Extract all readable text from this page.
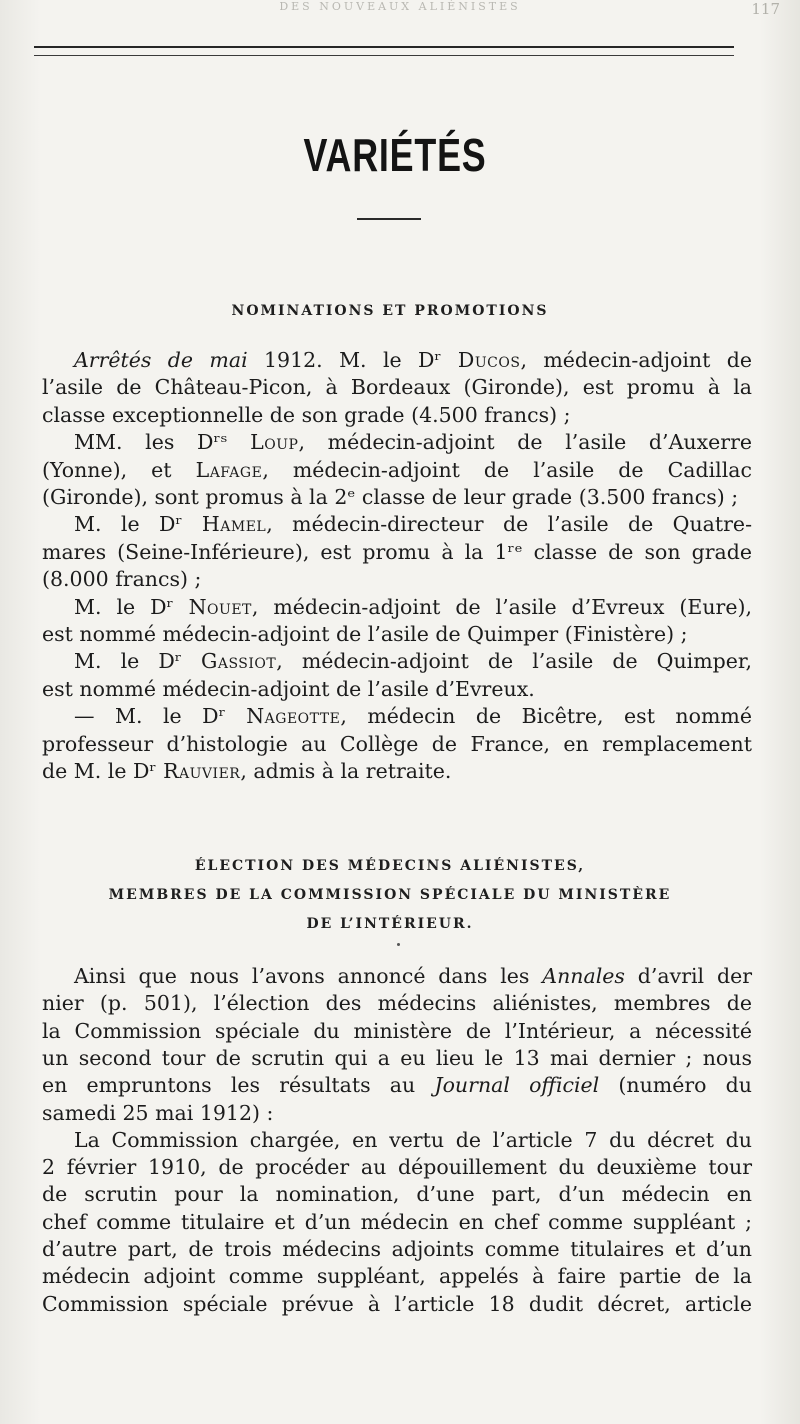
DES NOUVEAUX ALIÉNISTES	117
VARIÉTÉS
NOMINATIONS ET PROMOTIONS
Arrêtés de mai 1912. M. le Dʳ Ducos, médecin-adjoint de
l’asile de Château-Picon, à Bordeaux (Gironde), est promu à la
classe exceptionnelle de son grade (4.500 francs) ;
MM. les Dʳˢ Loup, médecin-adjoint de l’asile d’Auxerre
(Yonne), et Lafage, médecin-adjoint de l’asile de Cadillac
(Gironde), sont promus à la 2ᵉ classe de leur grade (3.500 francs) ;
M. le Dʳ Hamel, médecin-directeur de l’asile de Quatre-
mares (Seine-Inférieure), est promu à la 1ʳᵉ classe de son grade
(8.000 francs) ;
M. le Dʳ Nouet, médecin-adjoint de l’asile d’Evreux (Eure),
est nommé médecin-adjoint de l’asile de Quimper (Finistère) ;
M. le Dʳ Gassiot, médecin-adjoint de l’asile de Quimper,
est nommé médecin-adjoint de l’asile d’Evreux.
— M. le Dʳ Nageotte, médecin de Bicêtre, est nommé
professeur d’histologie au Collège de France, en remplacement
de M. le Dʳ Rauvier, admis à la retraite.
ÉLECTION DES MÉDECINS ALIÉNISTES,
MEMBRES DE LA COMMISSION SPÉCIALE DU MINISTÈRE
DE L’INTÉRIEUR.
Ainsi que nous l’avons annoncé dans les Annales d’avril der
nier (p. 501), l’élection des médecins aliénistes, membres de
la Commission spéciale du ministère de l’Intérieur, a nécessité
un second tour de scrutin qui a eu lieu le 13 mai dernier ; nous
en empruntons les résultats au Journal officiel (numéro du
samedi 25 mai 1912) :
La Commission chargée, en vertu de l’article 7 du décret du
2 février 1910, de procéder au dépouillement du deuxième tour
de scrutin pour la nomination, d’une part, d’un médecin en
chef comme titulaire et d’un médecin en chef comme suppléant ;
d’autre part, de trois médecins adjoints comme titulaires et d’un
médecin adjoint comme suppléant, appelés à faire partie de la
Commission spéciale prévue à l’article 18 dudit décret, article
